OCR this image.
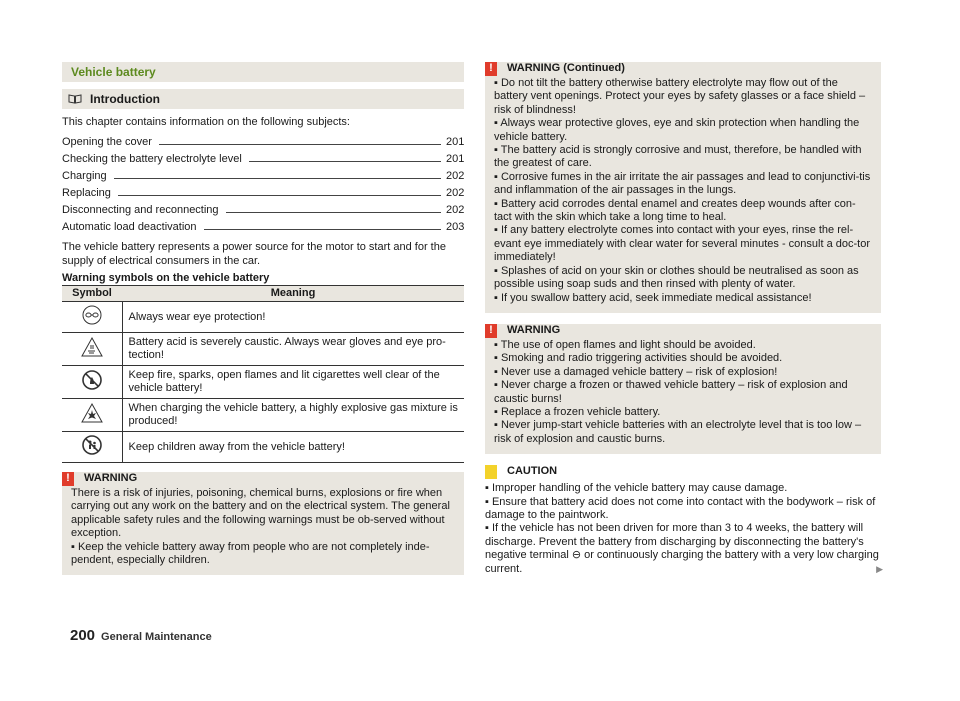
Vehicle battery
Introduction
This chapter contains information on the following subjects:
Opening the cover	201
Checking the battery electrolyte level	201
Charging	202
Replacing	202
Disconnecting and reconnecting	202
Automatic load deactivation	203
The vehicle battery represents a power source for the motor to start and for the supply of electrical consumers in the car.
Warning symbols on the vehicle battery
Symbol	Meaning
	Always wear eye protection!
	Battery acid is severely caustic. Always wear gloves and eye pro-tection!
	Keep fire, sparks, open flames and lit cigarettes well clear of the vehicle battery!
	When charging the vehicle battery, a highly explosive gas mixture is produced!
	Keep children away from the vehicle battery!
!	WARNING
There is a risk of injuries, poisoning, chemical burns, explosions or fire when carrying out any work on the battery and on the electrical system. The general applicable safety rules and the following warnings must be ob-served without exception.
▪ Keep the vehicle battery away from people who are not completely inde-pendent, especially children.
!	WARNING (Continued)
▪ Do not tilt the battery otherwise battery electrolyte may flow out of the battery vent openings. Protect your eyes by safety glasses or a face shield – risk of blindness!
▪ Always wear protective gloves, eye and skin protection when handling the vehicle battery.
▪ The battery acid is strongly corrosive and must, therefore, be handled with the greatest of care.
▪ Corrosive fumes in the air irritate the air passages and lead to conjunctivi-tis and inflammation of the air passages in the lungs.
▪ Battery acid corrodes dental enamel and creates deep wounds after con-tact with the skin which take a long time to heal.
▪ If any battery electrolyte comes into contact with your eyes, rinse the rel-evant eye immediately with clear water for several minutes - consult a doc-tor immediately!
▪ Splashes of acid on your skin or clothes should be neutralised as soon as possible using soap suds and then rinsed with plenty of water.
▪ If you swallow battery acid, seek immediate medical assistance!
!	WARNING
▪ The use of open flames and light should be avoided.
▪ Smoking and radio triggering activities should be avoided.
▪ Never use a damaged vehicle battery – risk of explosion!
▪ Never charge a frozen or thawed vehicle battery – risk of explosion and caustic burns!
▪ Replace a frozen vehicle battery.
▪ Never jump-start vehicle batteries with an electrolyte level that is too low – risk of explosion and caustic burns.
CAUTION
▪ Improper handling of the vehicle battery may cause damage.
▪ Ensure that battery acid does not come into contact with the bodywork – risk of damage to the paintwork.
▪ If the vehicle has not been driven for more than 3 to 4 weeks, the battery will discharge. Prevent the battery from discharging by disconnecting the battery's negative terminal ⊖ or continuously charging the battery with a very low charging current.	▶
200 General Maintenance
